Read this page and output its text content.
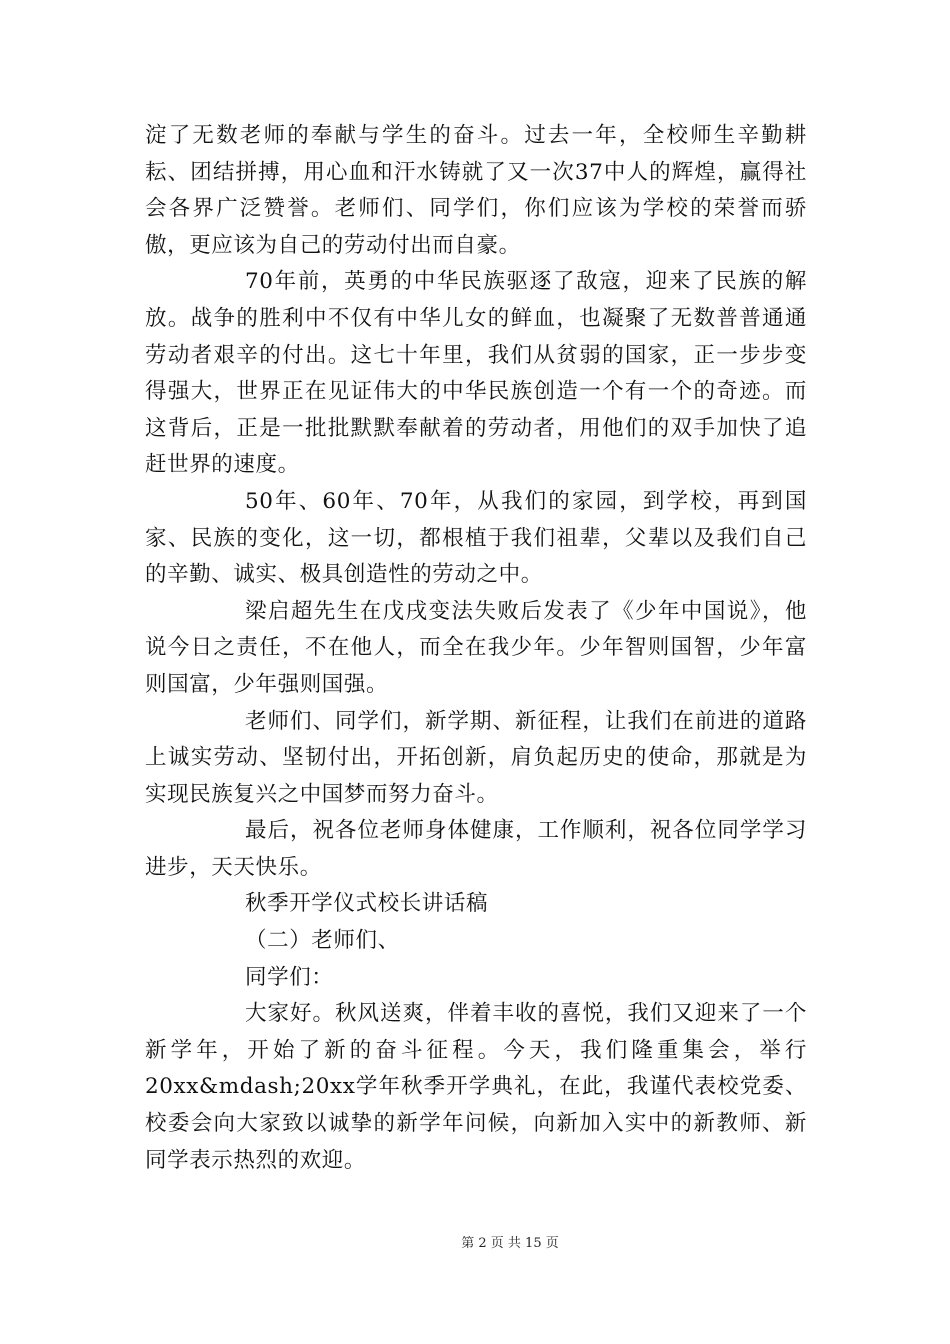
淀了无数老师的奉献与学生的奋斗。过去一年，全校师生辛勤耕耘、团结拼搏，用心血和汗水铸就了又一次37中人的辉煌，赢得社会各界广泛赞誉。老师们、同学们，你们应该为学校的荣誉而骄傲，更应该为自己的劳动付出而自豪。

70年前，英勇的中华民族驱逐了敌寇，迎来了民族的解放。战争的胜利中不仅有中华儿女的鲜血，也凝聚了无数普普通通劳动者艰辛的付出。这七十年里，我们从贫弱的国家，正一步步变得强大，世界正在见证伟大的中华民族创造一个有一个的奇迹。而这背后，正是一批批默默奉献着的劳动者，用他们的双手加快了追赶世界的速度。

50年、60年、70年，从我们的家园，到学校，再到国家、民族的变化，这一切，都根植于我们祖辈，父辈以及我们自己的辛勤、诚实、极具创造性的劳动之中。

梁启超先生在戊戌变法失败后发表了《少年中国说》，他说今日之责任，不在他人，而全在我少年。少年智则国智，少年富则国富，少年强则国强。

老师们、同学们，新学期、新征程，让我们在前进的道路上诚实劳动、坚韧付出，开拓创新，肩负起历史的使命，那就是为实现民族复兴之中国梦而努力奋斗。

最后，祝各位老师身体健康，工作顺利，祝各位同学学习进步，天天快乐。

秋季开学仪式校长讲话稿

（二）老师们、

同学们：

大家好。秋风送爽，伴着丰收的喜悦，我们又迎来了一个新学年，开始了新的奋斗征程。今天，我们隆重集会，举行20xx&mdash;20xx学年秋季开学典礼，在此，我谨代表校党委、校委会向大家致以诚挚的新学年问候，向新加入实中的新教师、新同学表示热烈的欢迎。

第 2 页 共 15 页
